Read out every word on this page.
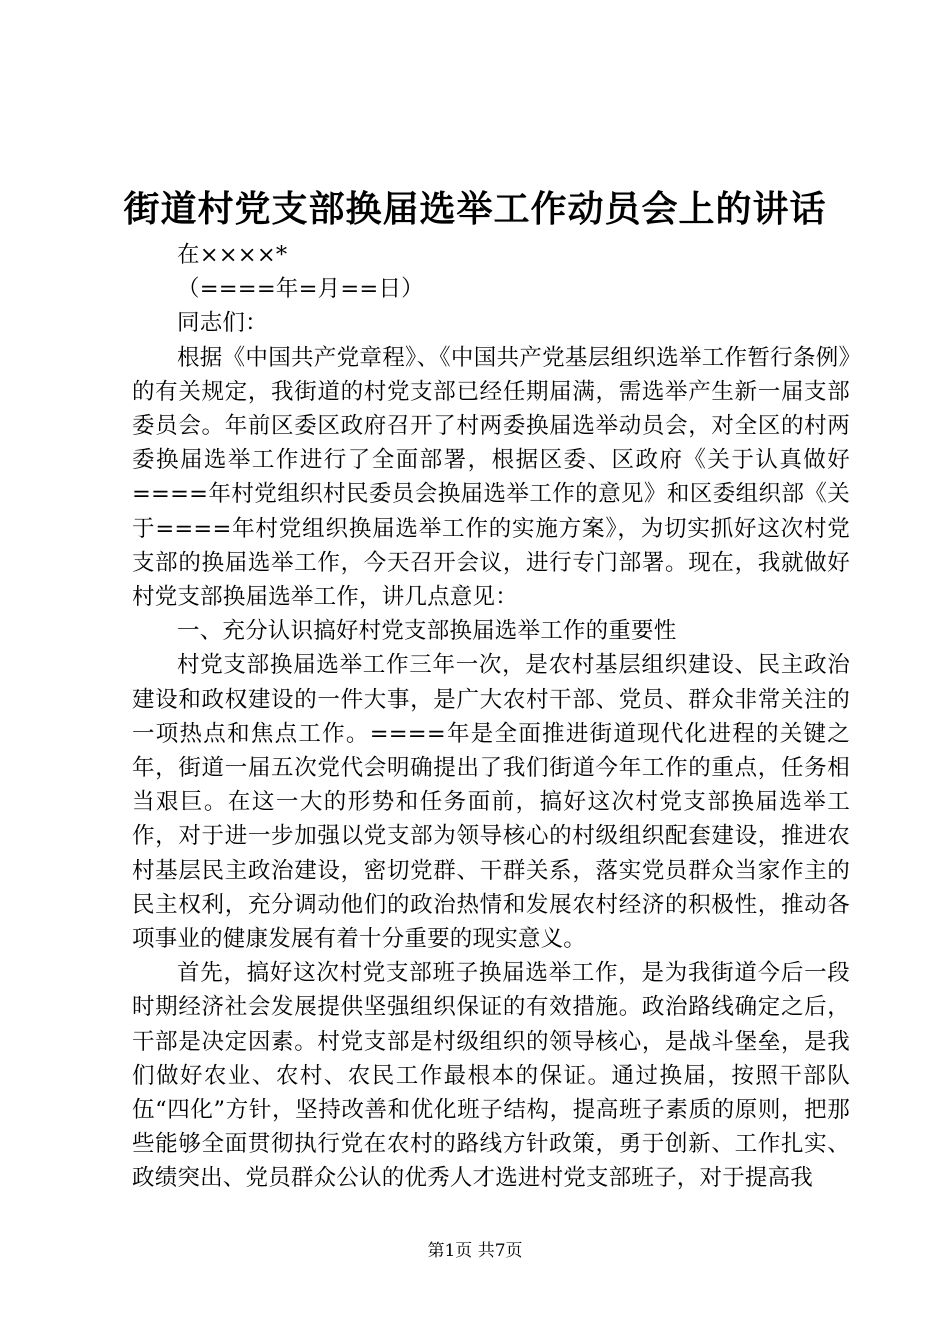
街道村党支部换届选举工作动员会上的讲话

在××××*

（====年=月==日）

同志们：

根据《中国共产党章程》、《中国共产党基层组织选举工作暂行条例》的有关规定，我街道的村党支部已经任期届满，需选举产生新一届支部委员会。年前区委区政府召开了村两委换届选举动员会，对全区的村两委换届选举工作进行了全面部署，根据区委、区政府《关于认真做好====年村党组织村民委员会换届选举工作的意见》和区委组织部《关于====年村党组织换届选举工作的实施方案》，为切实抓好这次村党支部的换届选举工作，今天召开会议，进行专门部署。现在，我就做好村党支部换届选举工作，讲几点意见：

一、充分认识搞好村党支部换届选举工作的重要性

村党支部换届选举工作三年一次，是农村基层组织建设、民主政治建设和政权建设的一件大事，是广大农村干部、党员、群众非常关注的一项热点和焦点工作。====年是全面推进街道现代化进程的关键之年，街道一届五次党代会明确提出了我们街道今年工作的重点，任务相当艰巨。在这一大的形势和任务面前，搞好这次村党支部换届选举工作，对于进一步加强以党支部为领导核心的村级组织配套建设，推进农村基层民主政治建设，密切党群、干群关系，落实党员群众当家作主的民主权利，充分调动他们的政治热情和发展农村经济的积极性，推动各项事业的健康发展有着十分重要的现实意义。

首先，搞好这次村党支部班子换届选举工作，是为我街道今后一段时期经济社会发展提供坚强组织保证的有效措施。政治路线确定之后，干部是决定因素。村党支部是村级组织的领导核心，是战斗堡垒，是我们做好农业、农村、农民工作最根本的保证。通过换届，按照干部队伍“四化”方针，坚持改善和优化班子结构，提高班子素质的原则，把那些能够全面贯彻执行党在农村的路线方针政策，勇于创新、工作扎实、政绩突出、党员群众公认的优秀人才选进村党支部班子，对于提高我

第1页 共7页
